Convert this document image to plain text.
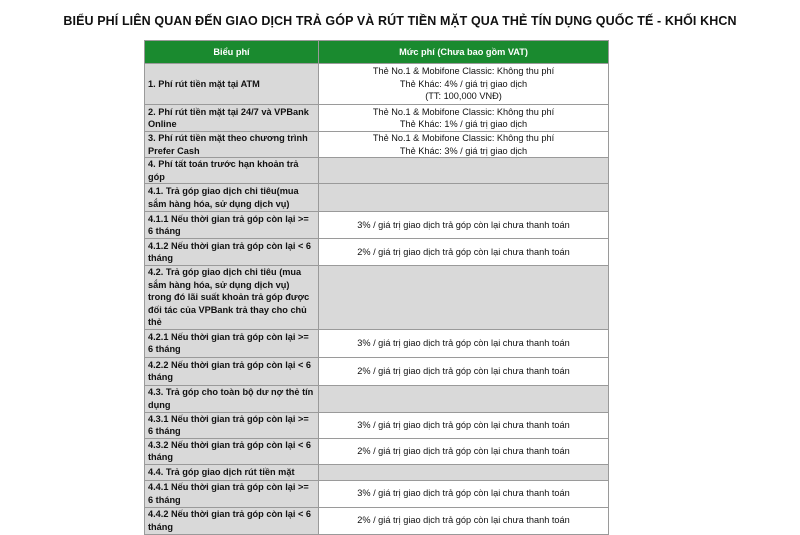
BIỂU PHÍ LIÊN QUAN ĐẾN GIAO DỊCH TRẢ GÓP VÀ RÚT TIỀN MẶT QUA THẺ TÍN DỤNG QUỐC TẾ - KHỐI KHCN
Biểu phí	Mức phí (Chưa bao gồm VAT)
1. Phí rút tiền mặt tại ATM	Thẻ No.1 & Mobifone Classic: Không thu phí
Thẻ Khác: 4% / giá trị giao dịch
(TT: 100,000 VNĐ)

2. Phí rút tiền mặt tại 24/7 và VPBank Online	Thẻ No.1 & Mobifone Classic: Không thu phí
Thẻ Khác: 1% / giá trị giao dịch

3. Phí rút tiền mặt theo chương trình Prefer Cash	Thẻ No.1 & Mobifone Classic: Không thu phí
Thẻ Khác: 3% / giá trị giao dịch

4. Phí tất toán trước hạn khoản trả góp	
4.1. Trả góp giao dịch chi tiêu(mua sắm hàng hóa, sử dụng dịch vụ)	
4.1.1 Nếu thời gian trả góp còn lại >= 6 tháng	3% / giá trị giao dịch trả góp còn lại chưa thanh toán
4.1.2 Nếu thời gian trả góp còn lại < 6 tháng	2% / giá trị giao dịch trả góp còn lại chưa thanh toán
4.2. Trả góp giao dịch chi tiêu (mua sắm hàng hóa, sử dụng dịch vụ) trong đó lãi suất khoản trả góp được đối tác của VPBank trả thay cho chủ thẻ	
4.2.1 Nếu thời gian trả góp còn lại >= 6 tháng	3% / giá trị giao dịch trả góp còn lại chưa thanh toán
4.2.2 Nếu thời gian trả góp còn lại < 6 tháng	2% / giá trị giao dịch trả góp còn lại chưa thanh toán
4.3. Trả góp cho toàn bộ dư nợ thẻ tín dụng	
4.3.1 Nếu thời gian trả góp còn lại >= 6 tháng	3% / giá trị giao dịch trả góp còn lại chưa thanh toán
4.3.2 Nếu thời gian trả góp còn lại < 6 tháng	2% / giá trị giao dịch trả góp còn lại chưa thanh toán
4.4. Trả góp giao dịch rút tiền mặt	
4.4.1 Nếu thời gian trả góp còn lại >= 6 tháng	3% / giá trị giao dịch trả góp còn lại chưa thanh toán
4.4.2 Nếu thời gian trả góp còn lại < 6 tháng	2% / giá trị giao dịch trả góp còn lại chưa thanh toán
